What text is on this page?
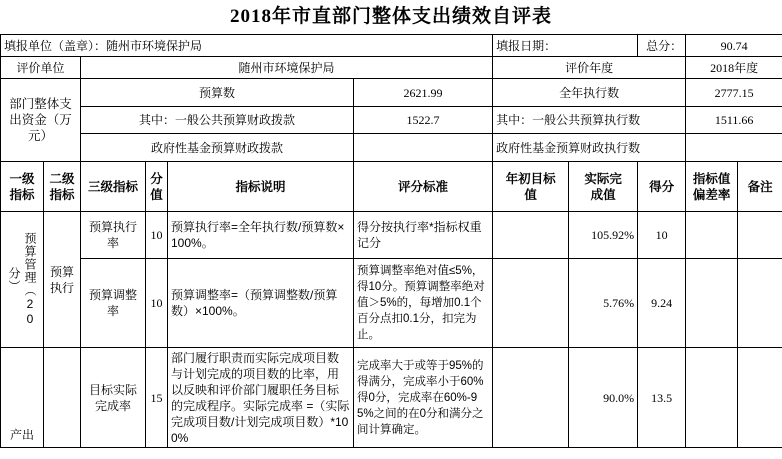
2018年市直部门整体支出绩效自评表
填报单位（盖章）：随州市环境保护局						填报日期：		总分：	90.74	
评价单位		随州市环境保护局				评价年度			2018年度	
部门整体支出资金（万元）		预算数			2621.99	全年执行数			2777.15	
		其中：一般公共预算财政拨款			1522.7	其中：一般公共预算执行数			1511.66	
		政府性基金预算财政拨款				政府性基金预算财政执行数				
一级指标	二级指标	三级指标	分值	指标说明	评分标准	年初目标值	实际完成值	得分	指标值偏差率	备注

预算管理（20分）	预算执行	预算执行率	10	预算执行率=全年执行数/预算数×100%。	得分按执行率*指标权重记分		105.92%	10		
		预算调整率	10	预算调整率=（预算调整数/预算数）×100%。	预算调整率绝对值≤5%，得10分。预算调整率绝对值＞5%的，每增加0.1个百分点扣0.1分，扣完为止。		5.76%	9.24		
产出		目标实际完成率	15	部门履行职责而实际完成项目数与计划完成的项目数的比率，用以反映和评价部门履职任务目标的完成程序。实际完成率 =（实际完成项目数/计划完成项目数）*100%	完成率大于或等于95%的得满分，完成率小于60%得0分，完成率在60%-95%之间的在0分和满分之间计算确定。		90.0%	13.5		
